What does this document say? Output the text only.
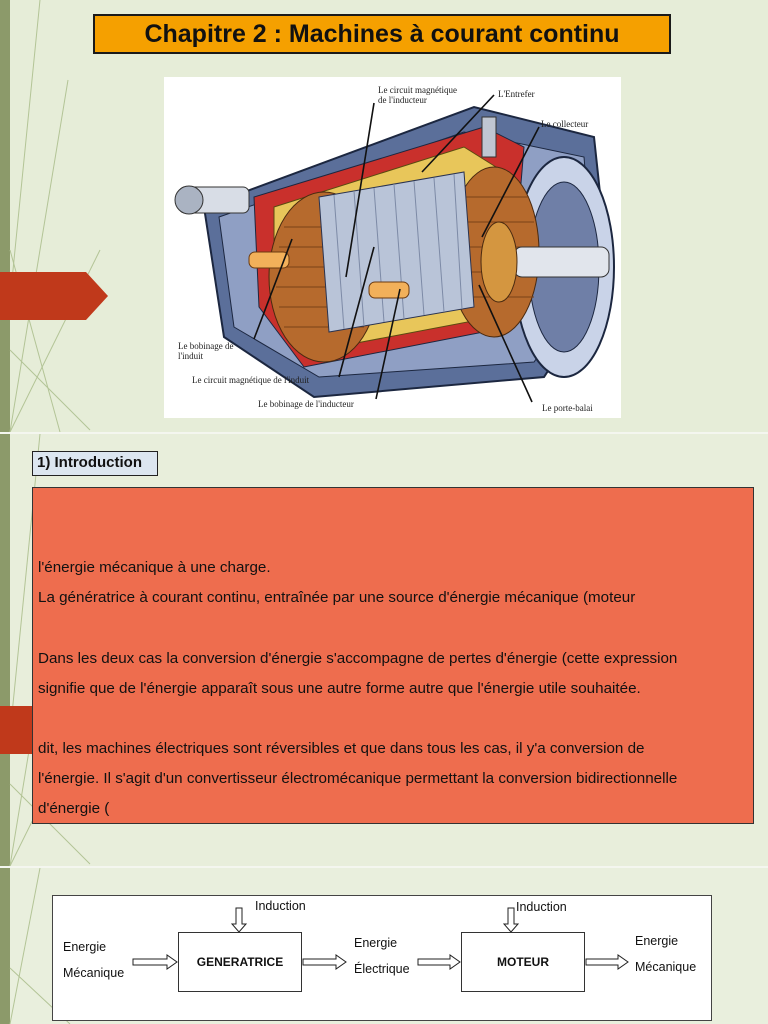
Chapitre 2 : Machines à courant continu
Le circuit magnétique
de l'inducteur
L'Entrefer
Le collecteur
Le bobinage de
l'induit
Le circuit magnétique de l'induit
Le bobinage de l'inducteur	Le porte-balai
1) Introduction

l'énergie mécanique à une charge.

La génératrice à courant continu, entraînée par une source d'énergie mécanique (moteur

Dans les deux cas la conversion d'énergie s'accompagne de pertes d'énergie (cette expression

signifie que de l'énergie apparaît sous une autre forme autre que l'énergie utile souhaitée.

dit, les machines électriques sont réversibles et que dans tous les cas, il y'a conversion de

l'énergie. Il s'agit d'un convertisseur électromécanique permettant la conversion bidirectionnelle

d'énergie (

GENERATRICE	MOTEUR
Induction	Induction
Energie
Mécanique
Energie
Électrique
Energie
Mécanique
